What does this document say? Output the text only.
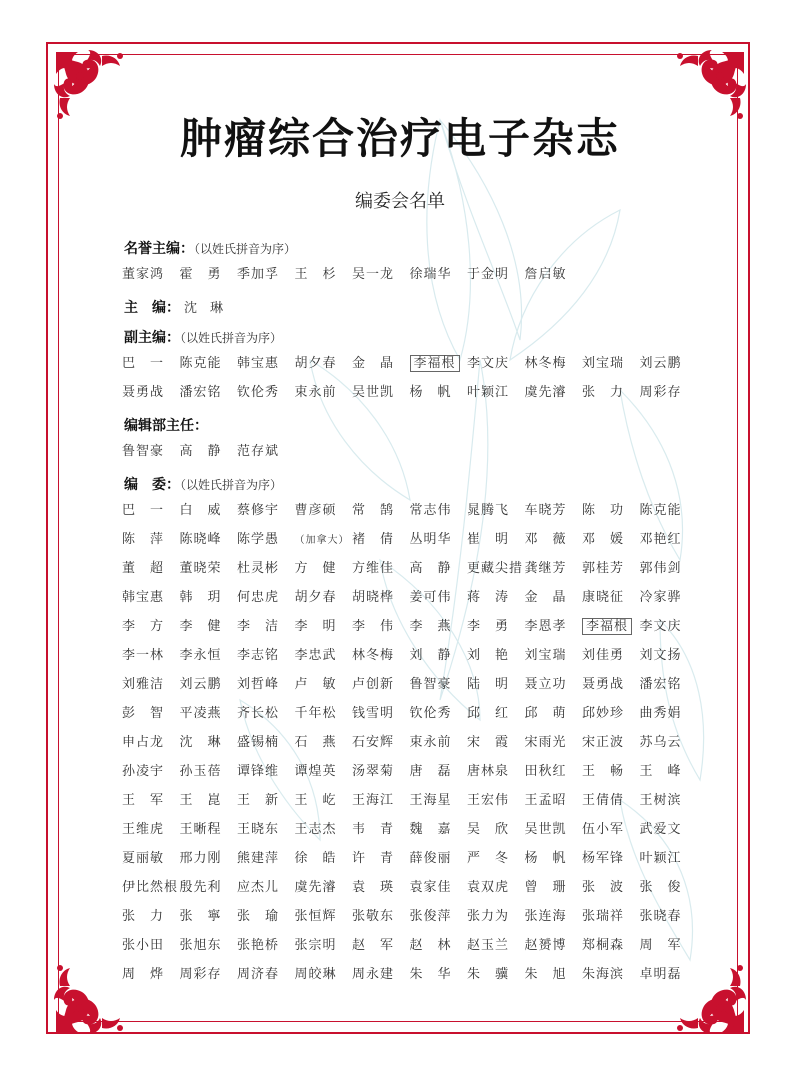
肿瘤综合治疗电子杂志
编委会名单
名誉主编：（以姓氏拼音为序）
董家鸿	霍　勇	季加孚	王　杉	吴一龙	徐瑞华	于金明	詹启敏
主　编： 沈　琳
副主编：（以姓氏拼音为序）
巴　一	陈克能	韩宝惠	胡夕春	金　晶	李福根 李文庆	林冬梅	刘宝瑞	刘云鹏
聂勇战	潘宏铭	钦伦秀	束永前	吴世凯	杨　帆	叶颖江	虞先濬	张　力	周彩存
编辑部主任：
鲁智豪	高　静	范存斌
编　委：（以姓氏拼音为序）
巴　一	白　威	蔡修宇	曹彦硕	常　鹄	常志伟	晁腾飞	车晓芳	陈　功	陈克能
陈　萍	陈晓峰	陈学愚	（加拿大） 褚　倩	丛明华	崔　明	邓　薇	邓　媛	邓艳红
董　超	董晓荣	杜灵彬	方　健	方维佳	高　静	更藏尖措 龚继芳	郭桂芳	郭伟剑
韩宝惠	韩　玥	何忠虎	胡夕春	胡晓桦	姜可伟	蒋　涛	金　晶	康晓征	冷家骅
李　方	李　健	李　洁	李　明	李　伟	李　燕	李　勇	李恩孝	李福根 李文庆
李一林	李永恒	李志铭	李忠武	林冬梅	刘　静	刘　艳	刘宝瑞	刘佳勇	刘文扬
刘雅洁	刘云鹏	刘哲峰	卢　敏	卢创新	鲁智豪	陆　明	聂立功	聂勇战	潘宏铭
彭　智	平凌燕	齐长松	千年松	钱雪明	钦伦秀	邱　红	邱　萌	邱妙珍	曲秀娟
申占龙	沈　琳	盛锡楠	石　燕	石安辉	束永前	宋　霞	宋雨光	宋正波	苏乌云
孙凌宇	孙玉蓓	谭锋维	谭煌英	汤翠菊	唐　磊	唐林泉	田秋红	王　畅	王　峰
王　军	王　崑	王　新	王　屹	王海江	王海星	王宏伟	王孟昭	王倩倩	王树滨
王维虎	王晰程	王晓东	王志杰	韦　青	魏　嘉	吴　欣	吴世凯	伍小军	武爱文
夏丽敏	邢力刚	熊建萍	徐　皓	许　青	薛俊丽	严　冬	杨　帆	杨军锋	叶颖江
伊比然根 殷先利	应杰儿	虞先濬	袁　瑛	袁家佳	袁双虎	曾　珊	张　波	张　俊
张　力	张　寧	张　瑜	张恒辉	张敬东	张俊萍	张力为	张连海	张瑞祥	张晓春
张小田	张旭东	张艳桥	张宗明	赵　军	赵　林	赵玉兰	赵赟博	郑桐森	周　军
周　烨	周彩存	周济春	周皎琳	周永建	朱　华	朱　骥	朱　旭	朱海滨	卓明磊
